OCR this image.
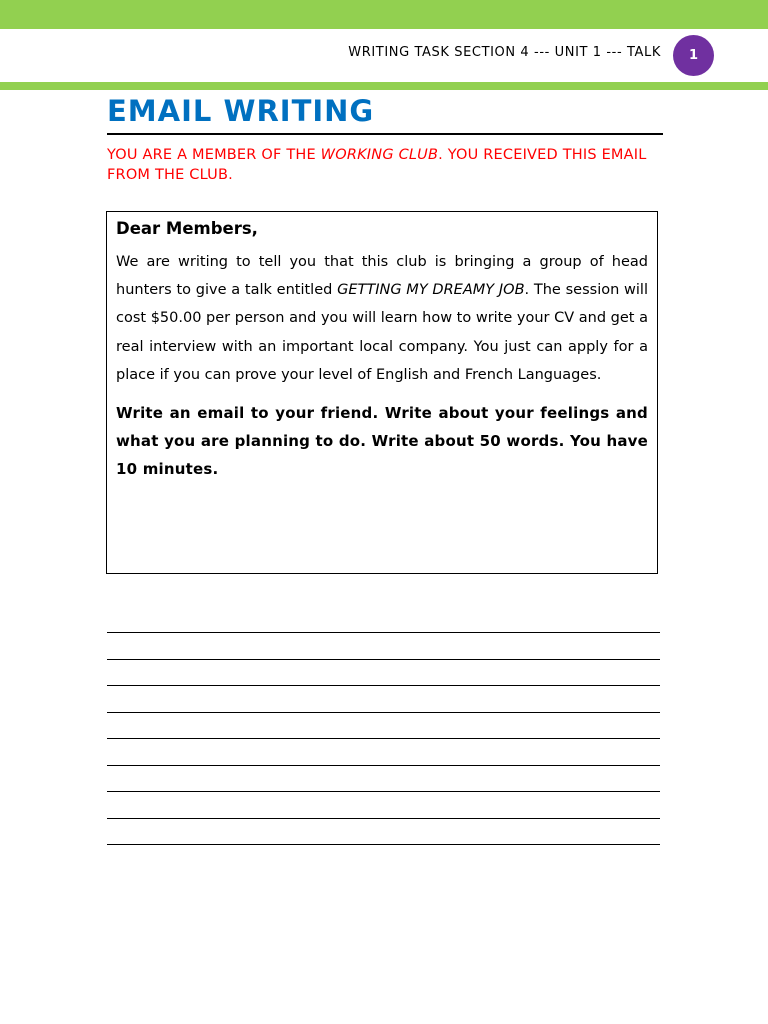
WRITING TASK SECTION 4 --- UNIT 1 --- TALK	1
EMAIL WRITING
YOU ARE A MEMBER OF THE WORKING CLUB. YOU RECEIVED THIS EMAIL FROM THE CLUB.

Dear Members,

We are writing to tell you that this club is bringing a group of head hunters to give a talk entitled GETTING MY DREAMY JOB. The session will cost $50.00 per person and you will learn how to write your CV and get a real interview with an important local company. You just can apply for a place if you can prove your level of English and French Languages.

Write an email to your friend. Write about your feelings and what you are planning to do. Write about 50 words. You have 10 minutes.
